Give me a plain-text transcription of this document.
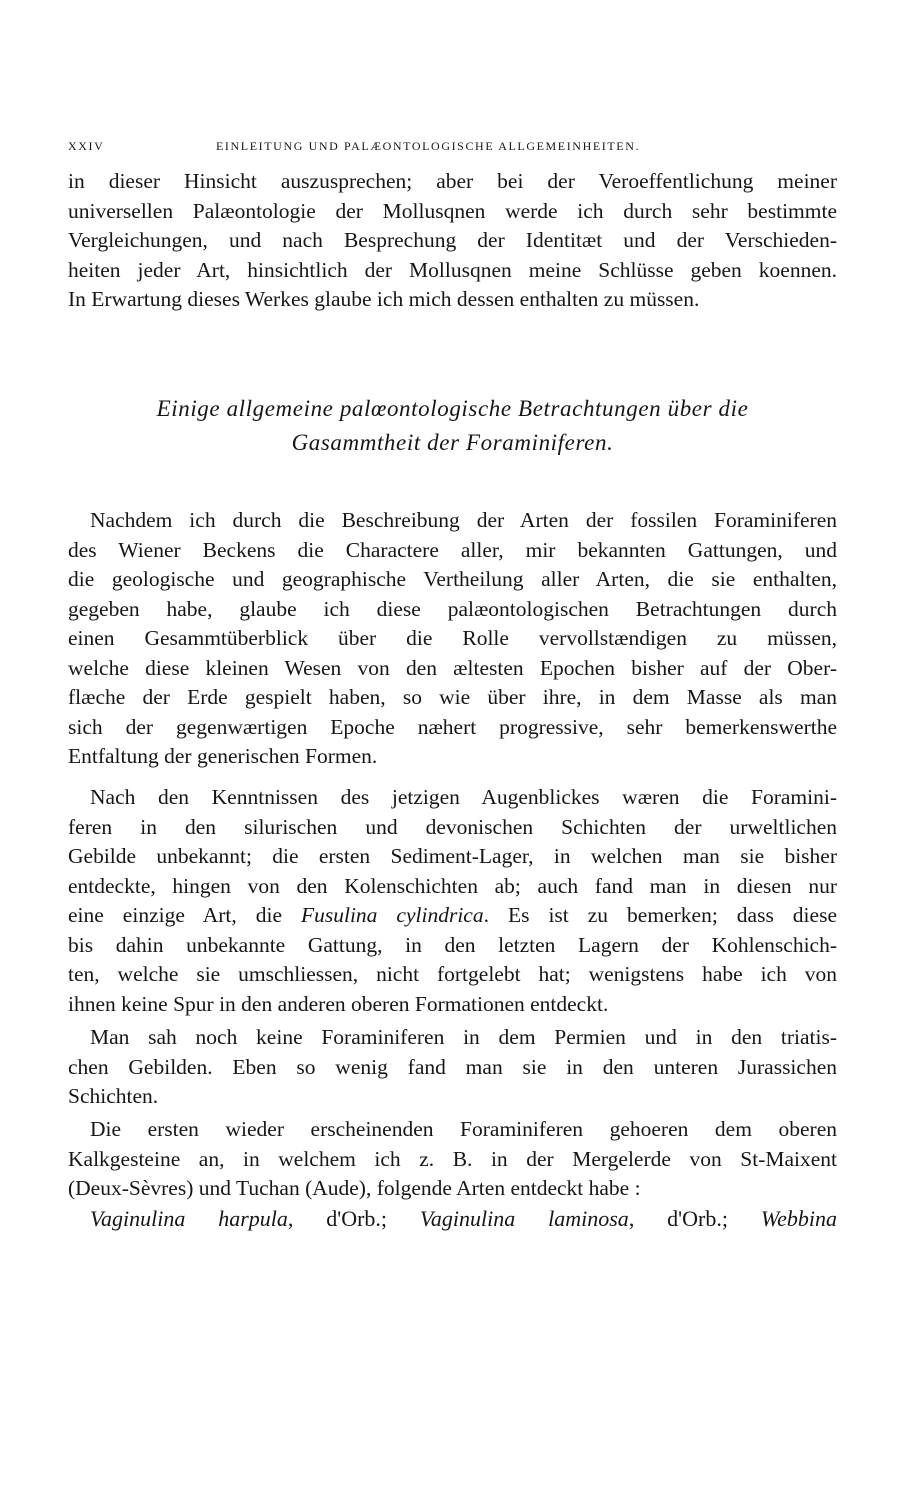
XXIV	EINLEITUNG UND PALÆONTOLOGISCHE ALLGEMEINHEITEN.
in dieser Hinsicht auszusprechen; aber bei der Veroeffentlichung meiner
universellen Palæontologie der Mollusqnen werde ich durch sehr bestimmte
Vergleichungen, und nach Besprechung der Identitæt und der Verschieden-
heiten jeder Art, hinsichtlich der Mollusqnen meine Schlüsse geben koennen.
In Erwartung dieses Werkes glaube ich mich dessen enthalten zu müssen.
Einige allgemeine palœontologische Betrachtungen über die
Gasammtheit der Foraminiferen.
Nachdem ich durch die Beschreibung der Arten der fossilen Foraminiferen
des Wiener Beckens die Charactere aller, mir bekannten Gattungen, und
die geologische und geographische Vertheilung aller Arten, die sie enthalten,
gegeben habe, glaube ich diese palæontologischen Betrachtungen durch
einen Gesammtüberblick über die Rolle vervollstændigen zu müssen,
welche diese kleinen Wesen von den æltesten Epochen bisher auf der Ober-
flæche der Erde gespielt haben, so wie über ihre, in dem Masse als man
sich der gegenwærtigen Epoche næhert progressive, sehr bemerkenswerthe
Entfaltung der generischen Formen.
Nach den Kenntnissen des jetzigen Augenblickes wæren die Foramini-
feren in den silurischen und devonischen Schichten der urweltlichen
Gebilde unbekannt; die ersten Sediment-Lager, in welchen man sie bisher
entdeckte, hingen von den Kolenschichten ab; auch fand man in diesen nur
eine einzige Art, die Fusulina cylindrica. Es ist zu bemerken; dass diese
bis dahin unbekannte Gattung, in den letzten Lagern der Kohlenschich-
ten, welche sie umschliessen, nicht fortgelebt hat; wenigstens habe ich von
ihnen keine Spur in den anderen oberen Formationen entdeckt.
Man sah noch keine Foraminiferen in dem Permien und in den triatis-
chen Gebilden. Eben so wenig fand man sie in den unteren Jurassichen
Schichten.
Die ersten wieder erscheinenden Foraminiferen gehoeren dem oberen
Kalkgesteine an, in welchem ich z. B. in der Mergelerde von St-Maixent
(Deux-Sèvres) und Tuchan (Aude), folgende Arten entdeckt habe :
Vaginulina harpula, d'Orb.; Vaginulina laminosa, d'Orb.; Webbina
